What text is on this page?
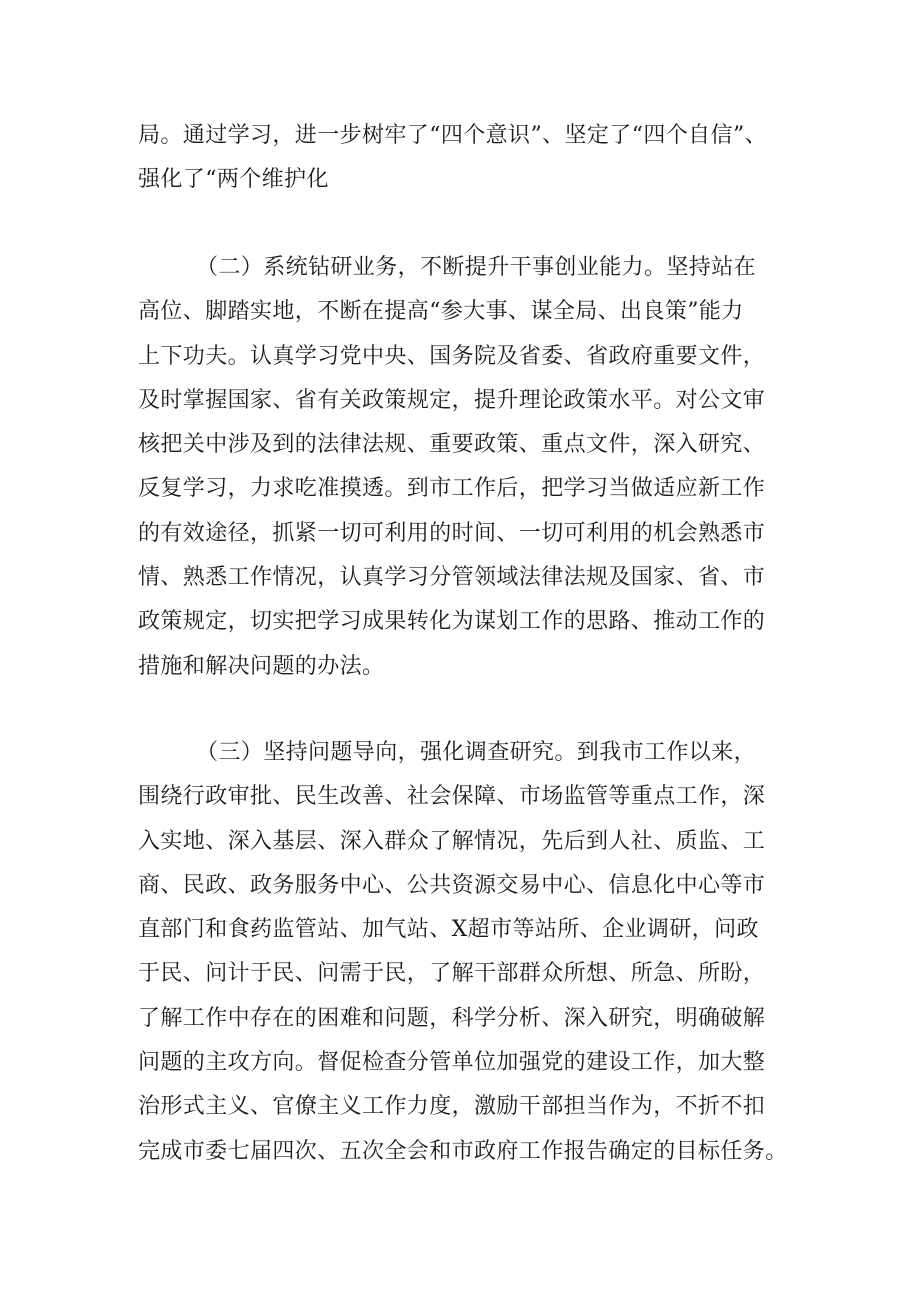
局。通过学习，进一步树牢了“四个意识”、坚定了“四个自信”、
强化了“两个维护化

（二）系统钻研业务，不断提升干事创业能力。坚持站在
高位、脚踏实地，不断在提高“参大事、谋全局、出良策”能力
上下功夫。认真学习党中央、国务院及省委、省政府重要文件，
及时掌握国家、省有关政策规定，提升理论政策水平。对公文审
核把关中涉及到的法律法规、重要政策、重点文件，深入研究、
反复学习，力求吃准摸透。到市工作后，把学习当做适应新工作
的有效途径，抓紧一切可利用的时间、一切可利用的机会熟悉市
情、熟悉工作情况，认真学习分管领域法律法规及国家、省、市
政策规定，切实把学习成果转化为谋划工作的思路、推动工作的
措施和解决问题的办法。

（三）坚持问题导向，强化调查研究。到我市工作以来，
围绕行政审批、民生改善、社会保障、市场监管等重点工作，深
入实地、深入基层、深入群众了解情况，先后到人社、质监、工
商、民政、政务服务中心、公共资源交易中心、信息化中心等市
直部门和食药监管站、加气站、X超市等站所、企业调研，问政
于民、问计于民、问需于民，了解干部群众所想、所急、所盼，
了解工作中存在的困难和问题，科学分析、深入研究，明确破解
问题的主攻方向。督促检查分管单位加强党的建设工作，加大整
治形式主义、官僚主义工作力度，激励干部担当作为，不折不扣
完成市委七届四次、五次全会和市政府工作报告确定的目标任务。
